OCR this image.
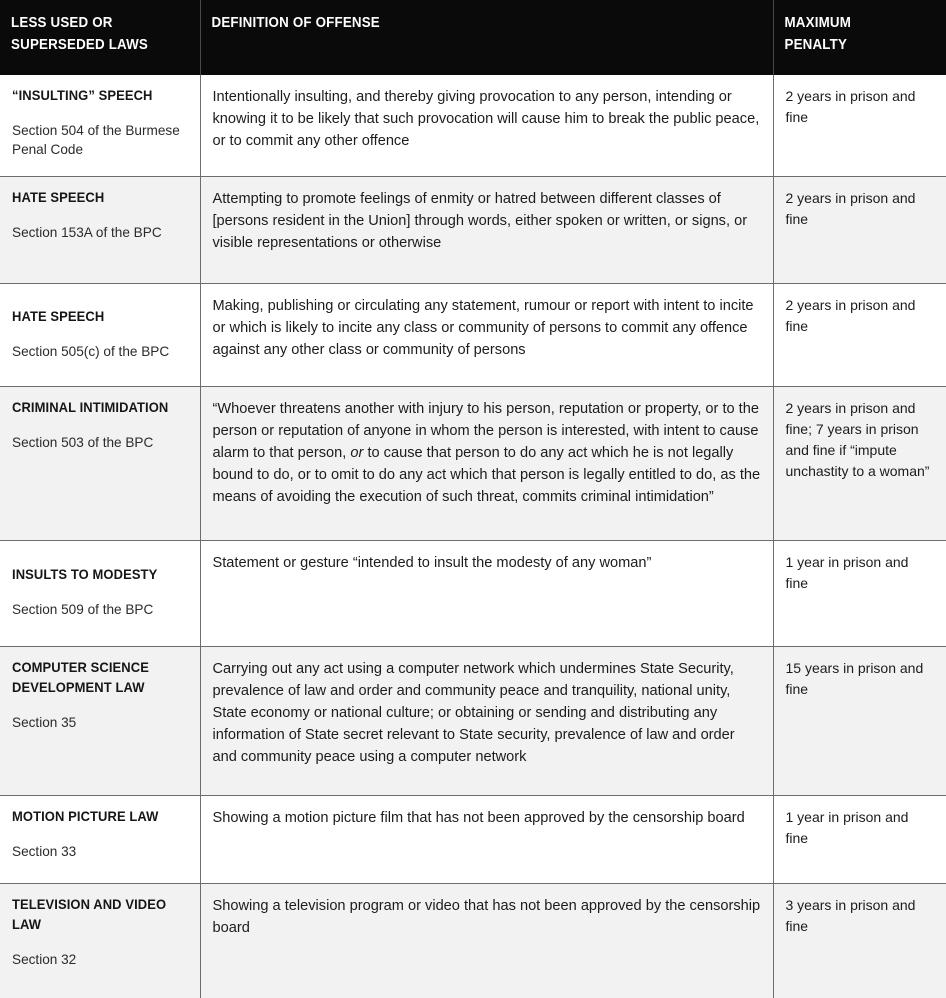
LESS USED OR
SUPERSEDED LAWS	DEFINITION OF OFFENSE	MAXIMUM
PENALTY

“INSULTING” SPEECH
Section 504 of the Burmese Penal Code	Intentionally insulting, and thereby giving provocation to any person, intending or knowing it to be likely that such provocation will cause him to break the public peace, or to commit any other offence	2 years in prison and fine

HATE SPEECH
Section 153A of the BPC	Attempting to promote feelings of enmity or hatred between different classes of [persons resident in the Union] through words, either spoken or written, or signs, or visible representations or otherwise	2 years in prison and fine

HATE SPEECH
Section 505(c) of the BPC	Making, publishing or circulating any statement, rumour or report with intent to incite or which is likely to incite any class or community of persons to commit any offence against any other class or community of persons	2 years in prison and fine

CRIMINAL INTIMIDATION
Section 503 of the BPC	“Whoever threatens another with injury to his person, reputation or property, or to the person or reputation of anyone in whom the person is interested, with intent to cause alarm to that person, or to cause that person to do any act which he is not legally bound to do, or to omit to do any act which that person is legally entitled to do, as the means of avoiding the execution of such threat, commits criminal intimidation”	2 years in prison and fine; 7 years in prison and fine if “impute unchastity to a woman”

INSULTS TO MODESTY
Section 509 of the BPC	Statement or gesture “intended to insult the modesty of any woman”	1 year in prison and fine

COMPUTER SCIENCE DEVELOPMENT LAW
Section 35	Carrying out any act using a computer network which undermines State Security, prevalence of law and order and community peace and tranquility, national unity, State economy or national culture; or obtaining or sending and distributing any information of State secret relevant to State security, prevalence of law and order and community peace using a computer network	15 years in prison and fine

MOTION PICTURE LAW
Section 33	Showing a motion picture film that has not been approved by the censorship board	1 year in prison and fine

TELEVISION AND VIDEO LAW
Section 32	Showing a television program or video that has not been approved by the censorship board	3 years in prison and fine
